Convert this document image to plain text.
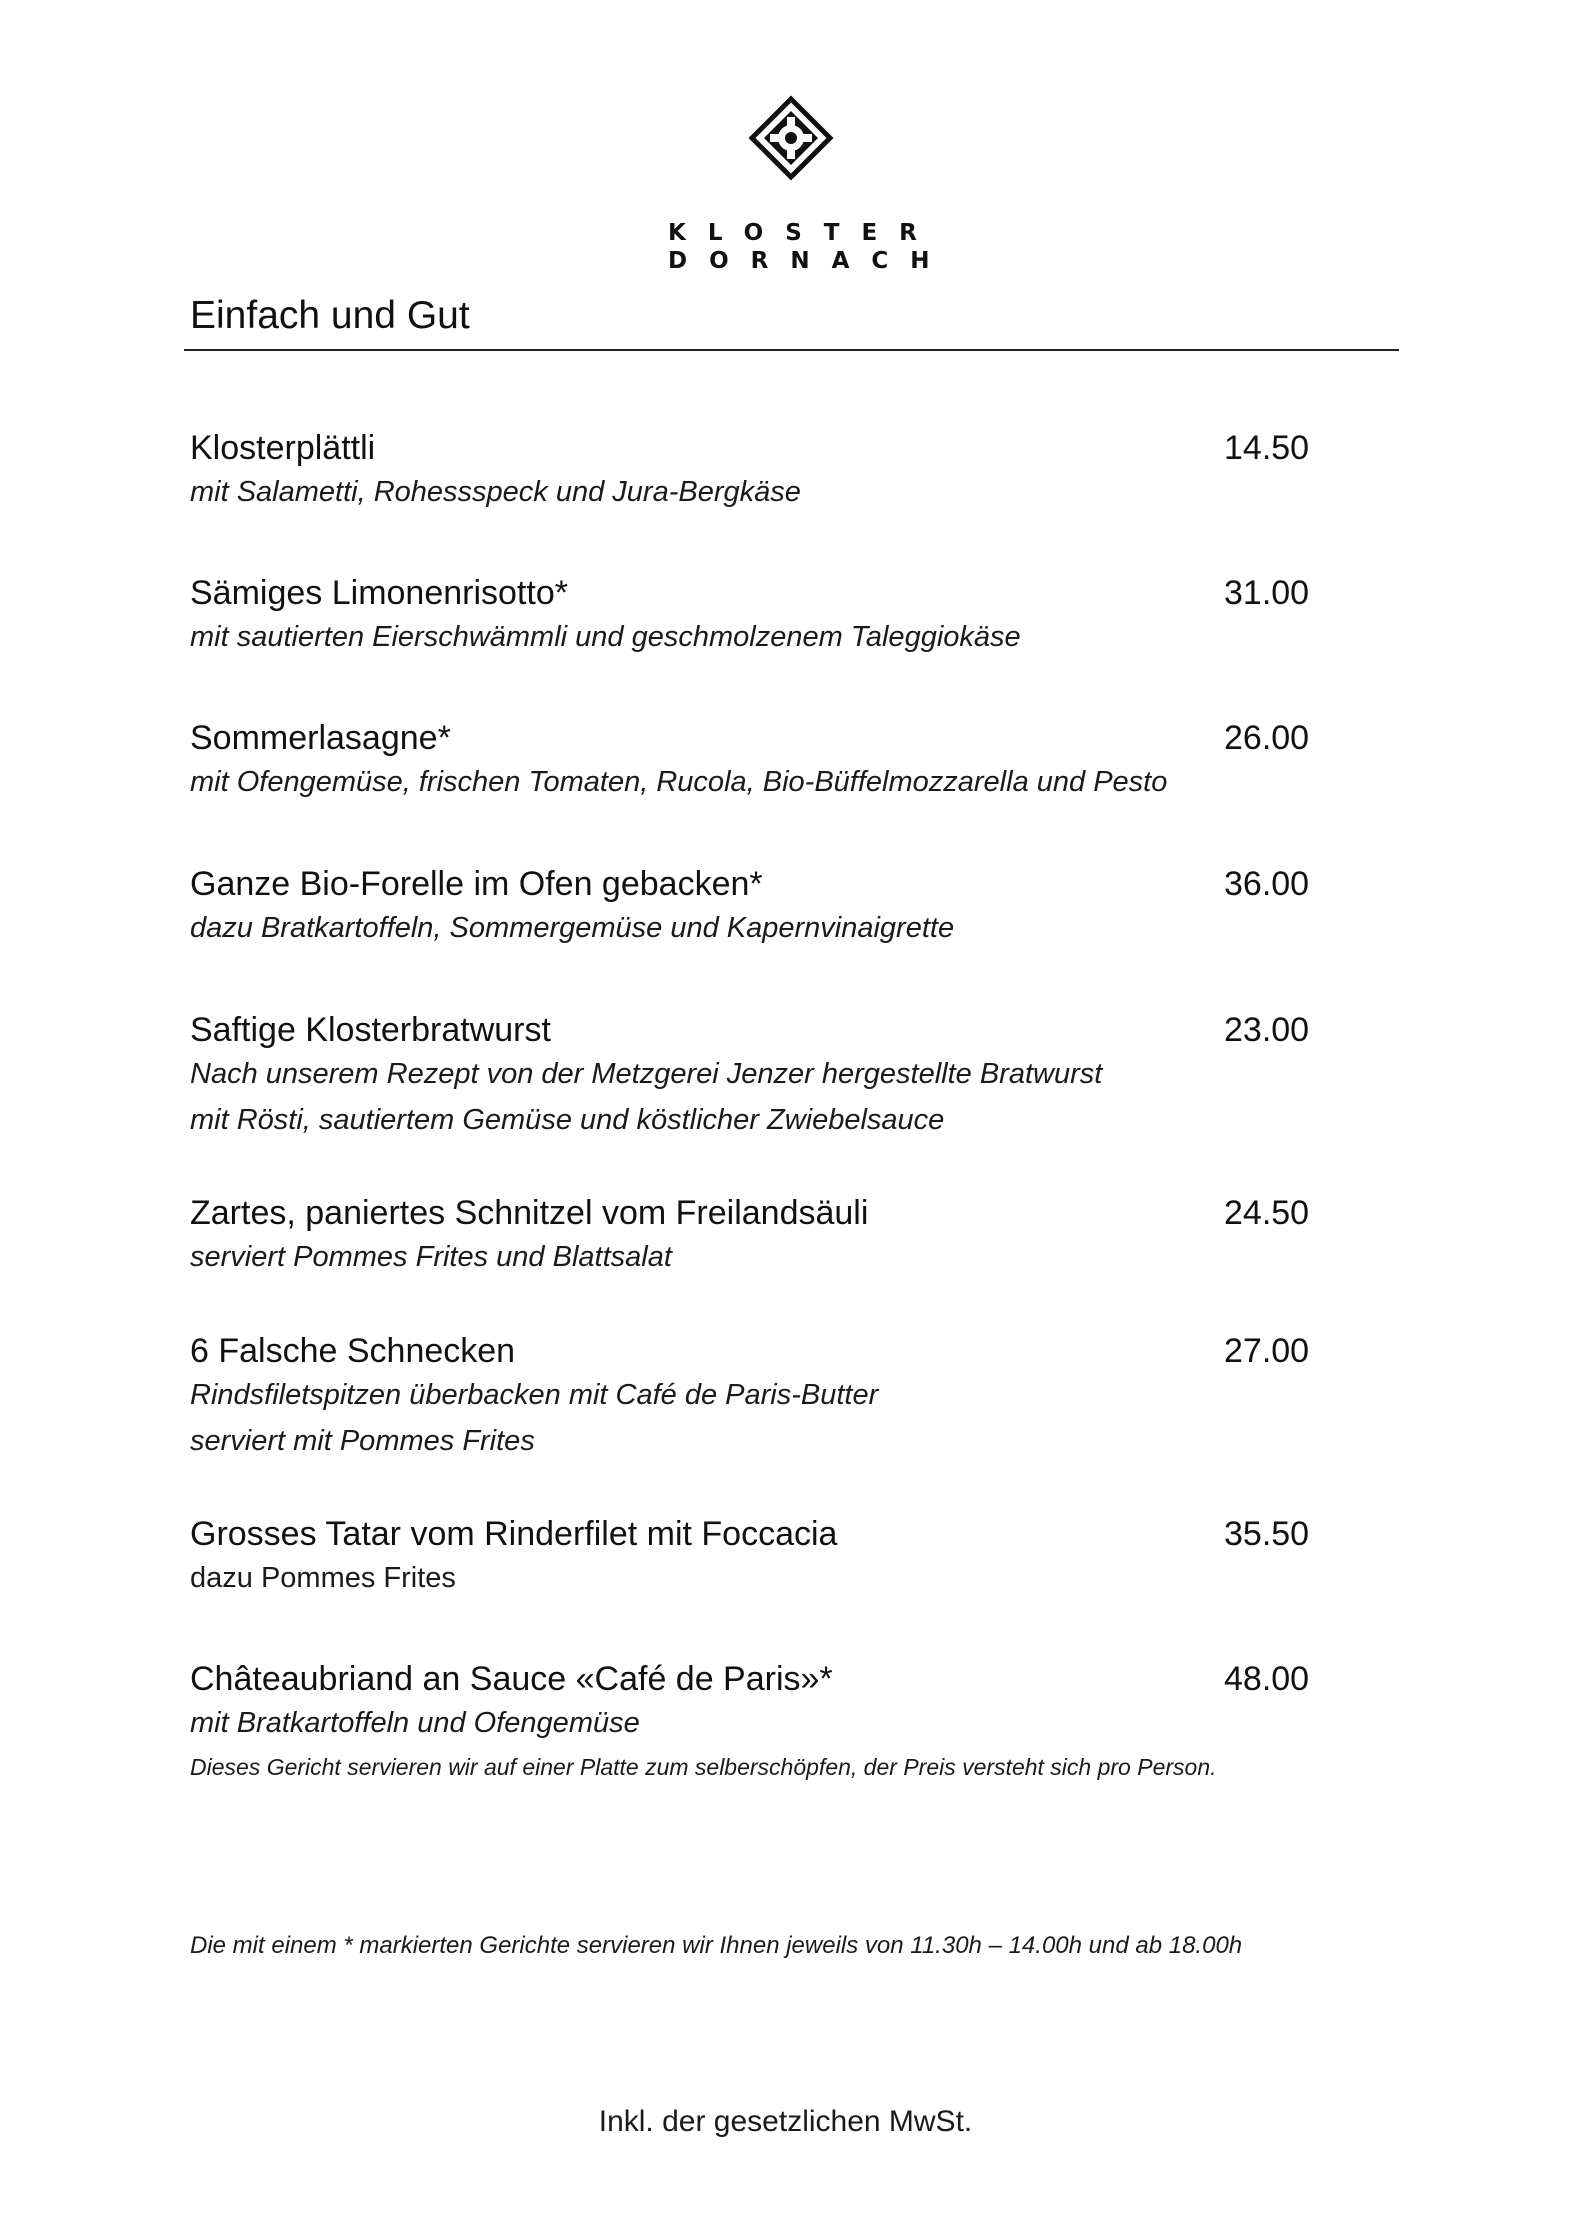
KLOSTER
DORNACH
Einfach und Gut
Klosterplättli	14.50
mit Salametti, Rohessspeck und Jura-Bergkäse
Sämiges Limonenrisotto*	31.00
mit sautierten Eierschwämmli und geschmolzenem Taleggiokäse
Sommerlasagne*	26.00
mit Ofengemüse, frischen Tomaten, Rucola, Bio-Büffelmozzarella und Pesto
Ganze Bio-Forelle im Ofen gebacken*	36.00
dazu Bratkartoffeln, Sommergemüse und Kapernvinaigrette
Saftige Klosterbratwurst	23.00
Nach unserem Rezept von der Metzgerei Jenzer hergestellte Bratwurst
mit Rösti, sautiertem Gemüse und köstlicher Zwiebelsauce
Zartes, paniertes Schnitzel vom Freilandsäuli	24.50
serviert Pommes Frites und Blattsalat
6 Falsche Schnecken	27.00
Rindsfiletspitzen überbacken mit Café de Paris-Butter
serviert mit Pommes Frites
Grosses Tatar vom Rinderfilet mit Foccacia	35.50
dazu Pommes Frites
Châteaubriand an Sauce «Café de Paris»*	48.00
mit Bratkartoffeln und Ofengemüse
Dieses Gericht servieren wir auf einer Platte zum selberschöpfen, der Preis versteht sich pro Person.
Die mit einem * markierten Gerichte servieren wir Ihnen jeweils von 11.30h – 14.00h und ab 18.00h
Inkl. der gesetzlichen MwSt.
